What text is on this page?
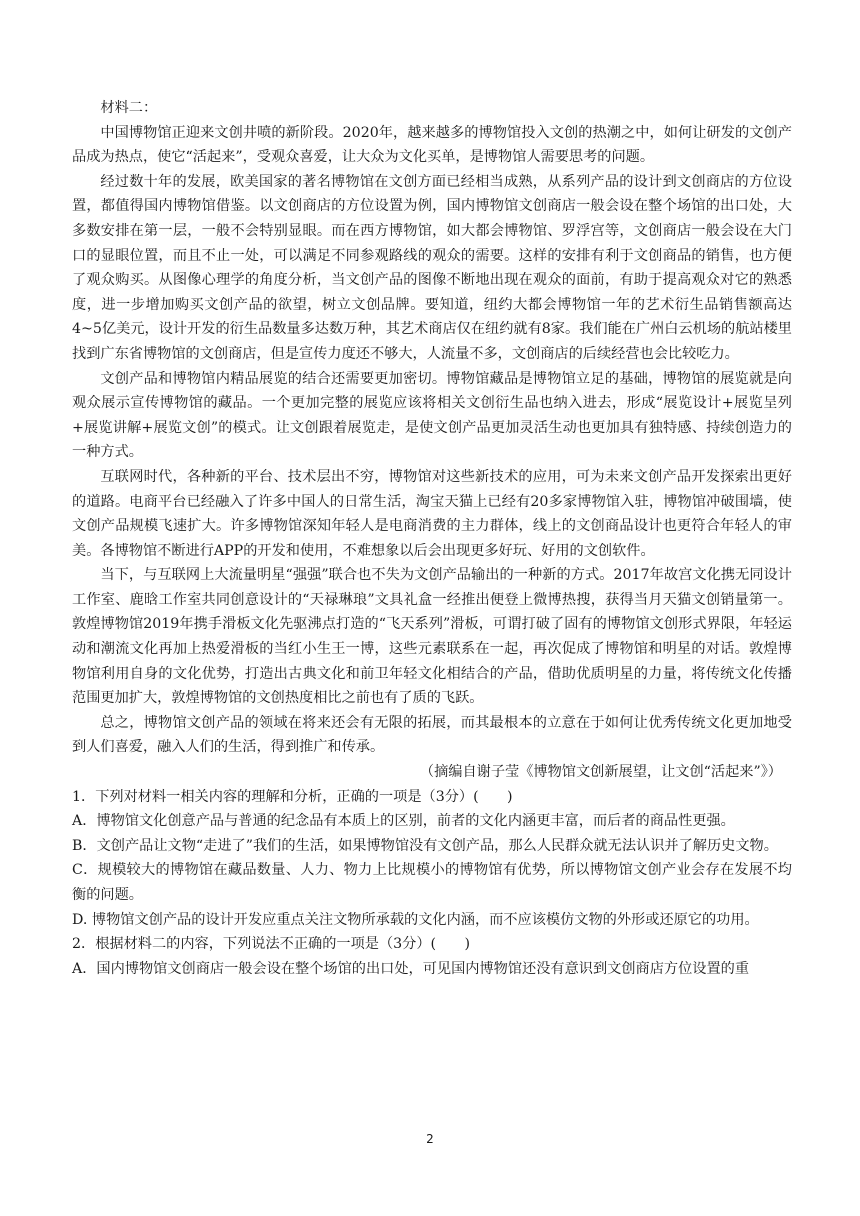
材料二：

中国博物馆正迎来文创井喷的新阶段。2020年，越来越多的博物馆投入文创的热潮之中，如何让研发的文创产品成为热点，使它“活起来”，受观众喜爱，让大众为文化买单，是博物馆人需要思考的问题。

经过数十年的发展，欧美国家的著名博物馆在文创方面已经相当成熟，从系列产品的设计到文创商店的方位设置，都值得国内博物馆借鉴。以文创商店的方位设置为例，国内博物馆文创商店一般会设在整个场馆的出口处，大多数安排在第一层，一般不会特别显眼。而在西方博物馆，如大都会博物馆、罗浮宫等，文创商店一般会设在大门口的显眼位置，而且不止一处，可以满足不同参观路线的观众的需要。这样的安排有利于文创商品的销售，也方便了观众购买。从图像心理学的角度分析，当文创产品的图像不断地出现在观众的面前，有助于提高观众对它的熟悉度，进一步增加购买文创产品的欲望，树立文创品牌。要知道，纽约大都会博物馆一年的艺术衍生品销售额高达4~5亿美元，设计开发的衍生品数量多达数万种，其艺术商店仅在纽约就有8家。我们能在广州白云机场的航站楼里找到广东省博物馆的文创商店，但是宣传力度还不够大，人流量不多，文创商店的后续经营也会比较吃力。

文创产品和博物馆内精品展览的结合还需要更加密切。博物馆藏品是博物馆立足的基础，博物馆的展览就是向观众展示宣传博物馆的藏品。一个更加完整的展览应该将相关文创衍生品也纳入进去，形成“展览设计+展览呈列+展览讲解+展览文创”的模式。让文创跟着展览走，是使文创产品更加灵活生动也更加具有独特感、持续创造力的一种方式。

互联网时代，各种新的平台、技术层出不穷，博物馆对这些新技术的应用，可为未来文创产品开发探索出更好的道路。电商平台已经融入了许多中国人的日常生活，淘宝天猫上已经有20多家博物馆入驻，博物馆冲破围墙，使文创产品规模飞速扩大。许多博物馆深知年轻人是电商消费的主力群体，线上的文创商品设计也更符合年轻人的审美。各博物馆不断进行APP的开发和使用，不难想象以后会出现更多好玩、好用的文创软件。

当下，与互联网上大流量明星“强强”联合也不失为文创产品输出的一种新的方式。2017年故宫文化携无同设计工作室、鹿晗工作室共同创意设计的“天禄琳琅”文具礼盒一经推出便登上微博热搜，获得当月天猫文创销量第一。敦煌博物馆2019年携手滑板文化先驱沸点打造的“飞天系列”滑板，可谓打破了固有的博物馆文创形式界限，年轻运动和潮流文化再加上热爱滑板的当红小生王一博，这些元素联系在一起，再次促成了博物馆和明星的对话。敦煌博物馆利用自身的文化优势，打造出古典文化和前卫年轻文化相结合的产品，借助优质明星的力量，将传统文化传播范围更加扩大，敦煌博物馆的文创热度相比之前也有了质的飞跃。

总之，博物馆文创产品的领域在将来还会有无限的拓展，而其最根本的立意在于如何让优秀传统文化更加地受到人们喜爱，融入人们的生活，得到推广和传承。

（摘编自谢子莹《博物馆文创新展望，让文创“活起来”》）

1．下列对材料一相关内容的理解和分析，正确的一项是（3分）(　　)

A．博物馆文化创意产品与普通的纪念品有本质上的区别，前者的文化内涵更丰富，而后者的商品性更强。

B．文创产品让文物“走进了”我们的生活，如果博物馆没有文创产品，那么人民群众就无法认识并了解历史文物。

C．规模较大的博物馆在藏品数量、人力、物力上比规模小的博物馆有优势，所以博物馆文创产业会存在发展不均衡的问题。

D. 博物馆文创产品的设计开发应重点关注文物所承载的文化内涵，而不应该模仿文物的外形或还原它的功用。

2．根据材料二的内容，下列说法不正确的一项是（3分）(　　)

A．国内博物馆文创商店一般会设在整个场馆的出口处，可见国内博物馆还没有意识到文创商店方位设置的重

2
